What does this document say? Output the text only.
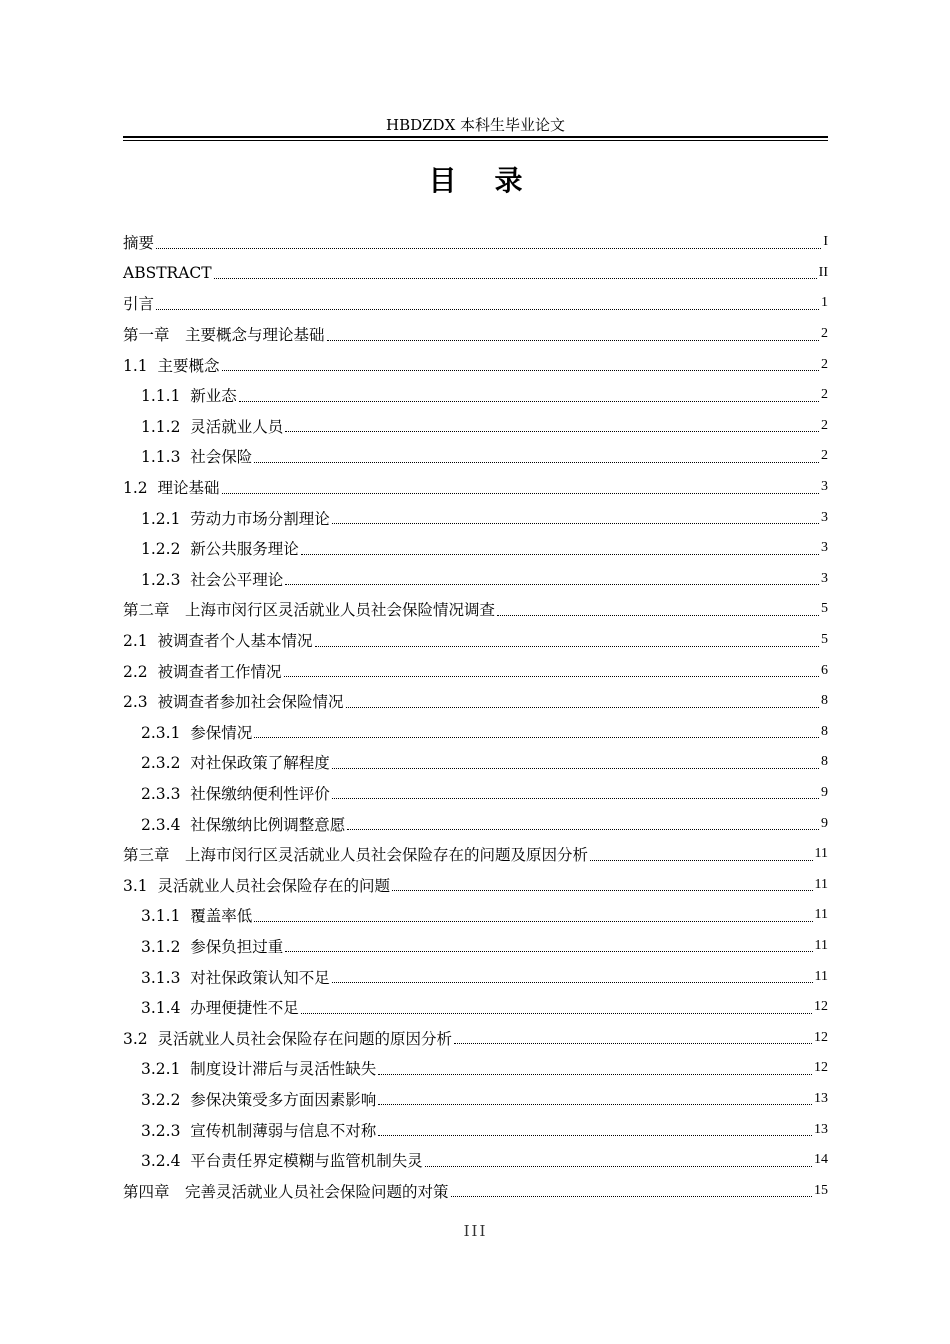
HBDZDX 本科生毕业论文
目录
摘要	I
ABSTRACT	II
引言	1
第一章　主要概念与理论基础	2
1.1  主要概念	2
1.1.1  新业态	2
1.1.2  灵活就业人员	2
1.1.3  社会保险	2
1.2  理论基础	3
1.2.1  劳动力市场分割理论	3
1.2.2  新公共服务理论	3
1.2.3  社会公平理论	3
第二章　上海市闵行区灵活就业人员社会保险情况调查	5
2.1  被调查者个人基本情况	5
2.2  被调查者工作情况	6
2.3  被调查者参加社会保险情况	8
2.3.1  参保情况	8
2.3.2  对社保政策了解程度	8
2.3.3  社保缴纳便利性评价	9
2.3.4  社保缴纳比例调整意愿	9
第三章　上海市闵行区灵活就业人员社会保险存在的问题及原因分析	11
3.1  灵活就业人员社会保险存在的问题	11
3.1.1  覆盖率低	11
3.1.2  参保负担过重	11
3.1.3  对社保政策认知不足	11
3.1.4  办理便捷性不足	12
3.2  灵活就业人员社会保险存在问题的原因分析	12
3.2.1  制度设计滞后与灵活性缺失	12
3.2.2  参保决策受多方面因素影响	13
3.2.3  宣传机制薄弱与信息不对称	13
3.2.4  平台责任界定模糊与监管机制失灵	14
第四章　完善灵活就业人员社会保险问题的对策	15
III
